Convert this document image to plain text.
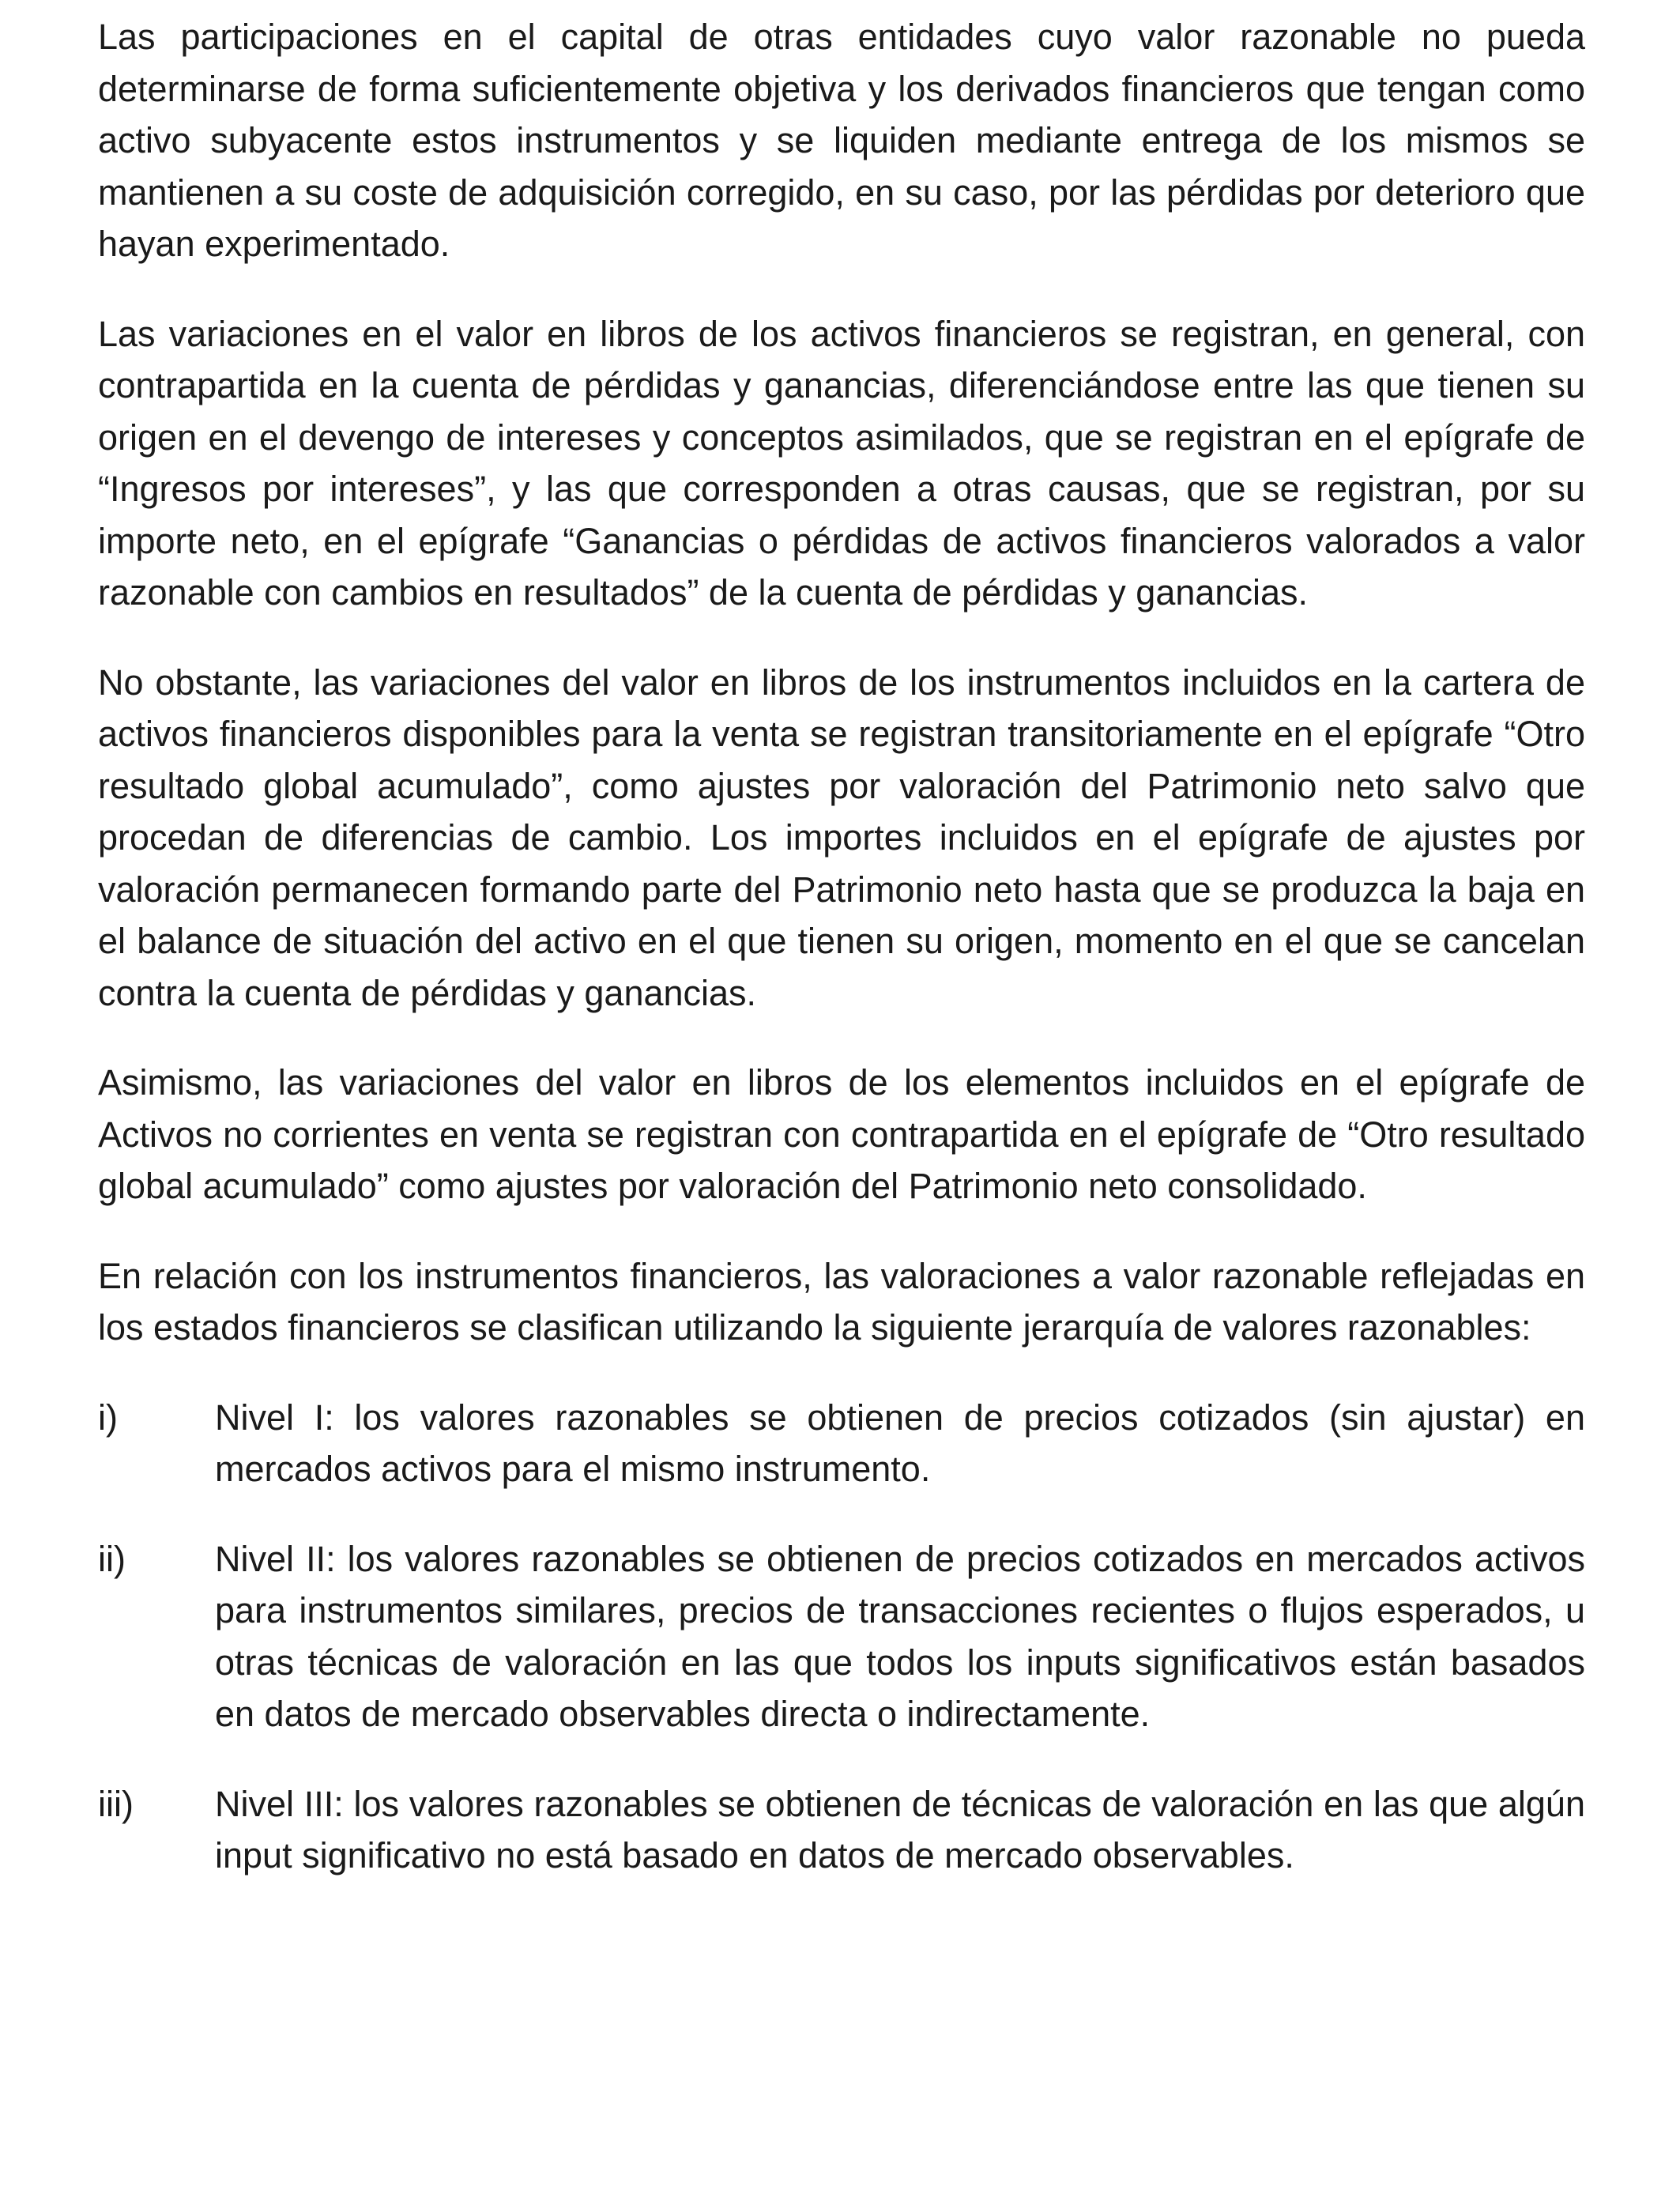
Las participaciones en el capital de otras entidades cuyo valor razonable no pueda determinarse de forma suficientemente objetiva y los derivados financieros que tengan como activo subyacente estos instrumentos y se liquiden mediante entrega de los mismos se mantienen a su coste de adquisición corregido, en su caso, por las pérdidas por deterioro que hayan experimentado.

Las variaciones en el valor en libros de los activos financieros se registran, en general, con contrapartida en la cuenta de pérdidas y ganancias, diferenciándose entre las que tienen su origen en el devengo de intereses y conceptos asimilados, que se registran en el epígrafe de “Ingresos por intereses”, y las que corresponden a otras causas, que se registran, por su importe neto, en el epígrafe “Ganancias o pérdidas de activos financieros valorados a valor razonable con cambios en resultados” de la cuenta de pérdidas y ganancias.

No obstante, las variaciones del valor en libros de los instrumentos incluidos en la cartera de activos financieros disponibles para la venta se registran transitoriamente en el epígrafe “Otro resultado global acumulado”, como ajustes por valoración del Patrimonio neto salvo que procedan de diferencias de cambio. Los importes incluidos en el epígrafe de ajustes por valoración permanecen formando parte del Patrimonio neto hasta que se produzca la baja en el balance de situación del activo en el que tienen su origen, momento en el que se cancelan contra la cuenta de pérdidas y ganancias.

Asimismo, las variaciones del valor en libros de los elementos incluidos en el epígrafe de Activos no corrientes en venta se registran con contrapartida en el epígrafe de “Otro resultado global acumulado” como ajustes por valoración del Patrimonio neto consolidado.

En relación con los instrumentos financieros, las valoraciones a valor razonable reflejadas en los estados financieros se clasifican utilizando la siguiente jerarquía de valores razonables:

i)	Nivel I: los valores razonables se obtienen de precios cotizados (sin ajustar) en mercados activos para el mismo instrumento.
ii)	Nivel II: los valores razonables se obtienen de precios cotizados en mercados activos para instrumentos similares, precios de transacciones recientes o flujos esperados, u otras técnicas de valoración en las que todos los inputs significativos están basados en datos de mercado observables directa o indirectamente.
iii)	Nivel III: los valores razonables se obtienen de técnicas de valoración en las que algún input significativo no está basado en datos de mercado observables.
